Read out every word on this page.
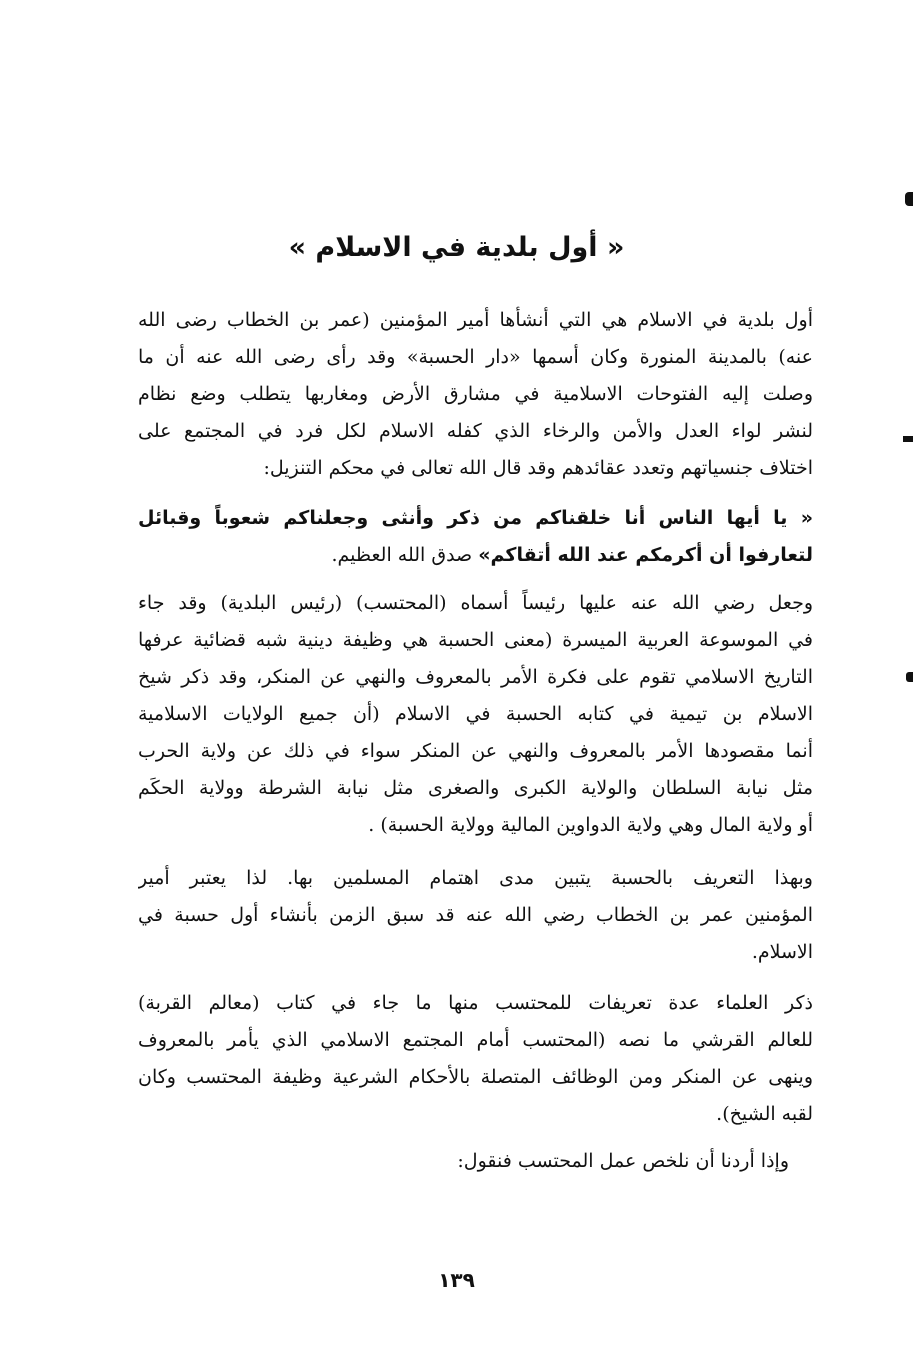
« أول بلدية في الاسلام »
أول بلدية في الاسلام هي التي أنشأها أمير المؤمنين (عمر بن الخطاب رضى الله
عنه) بالمدينة المنورة وكان أسمها «دار الحسبة» وقد رأى رضى الله عنه أن ما
وصلت إليه الفتوحات الاسلامية في مشارق الأرض ومغاربها يتطلب وضع نظام
لنشر لواء العدل والأمن والرخاء الذي كفله الاسلام لكل فرد في المجتمع على
اختلاف جنسياتهم وتعدد عقائدهم وقد قال الله تعالى في محكم التنزيل:
« يا أيها الناس أنا خلقناكم من ذكر وأنثى وجعلناكم شعوباً وقبائل
لتعارفوا أن أكرمكم عند الله أتقاكم» صدق الله العظيم.
وجعل رضي الله عنه عليها رئيساً أسماه (المحتسب) (رئيس البلدية) وقد جاء
في الموسوعة العربية الميسرة (معنى الحسبة هي وظيفة دينية شبه قضائية عرفها
التاريخ الاسلامي تقوم على فكرة الأمر بالمعروف والنهي عن المنكر، وقد ذكر شيخ
الاسلام بن تيمية في كتابه الحسبة في الاسلام (أن جميع الولايات الاسلامية
أنما مقصودها الأمر بالمعروف والنهي عن المنكر سواء في ذلك عن ولاية الحرب
مثل نيابة السلطان والولاية الكبرى والصغرى مثل نيابة الشرطة وولاية الحكَم
أو ولاية المال وهي ولاية الدواوين المالية وولاية الحسبة) .
وبهذا التعريف بالحسبة يتبين مدى اهتمام المسلمين بها. لذا يعتبر أمير
المؤمنين عمر بن الخطاب رضي الله عنه قد سبق الزمن بأنشاء أول حسبة في
الاسلام.
ذكر العلماء عدة تعريفات للمحتسب منها ما جاء في كتاب (معالم القربة)
للعالم القرشي ما نصه (المحتسب أمام المجتمع الاسلامي الذي يأمر بالمعروف
وينهى عن المنكر ومن الوظائف المتصلة بالأحكام الشرعية وظيفة المحتسب وكان
لقبه الشيخ).
وإذا أردنا أن نلخص عمل المحتسب فنقول:
١٣٩
